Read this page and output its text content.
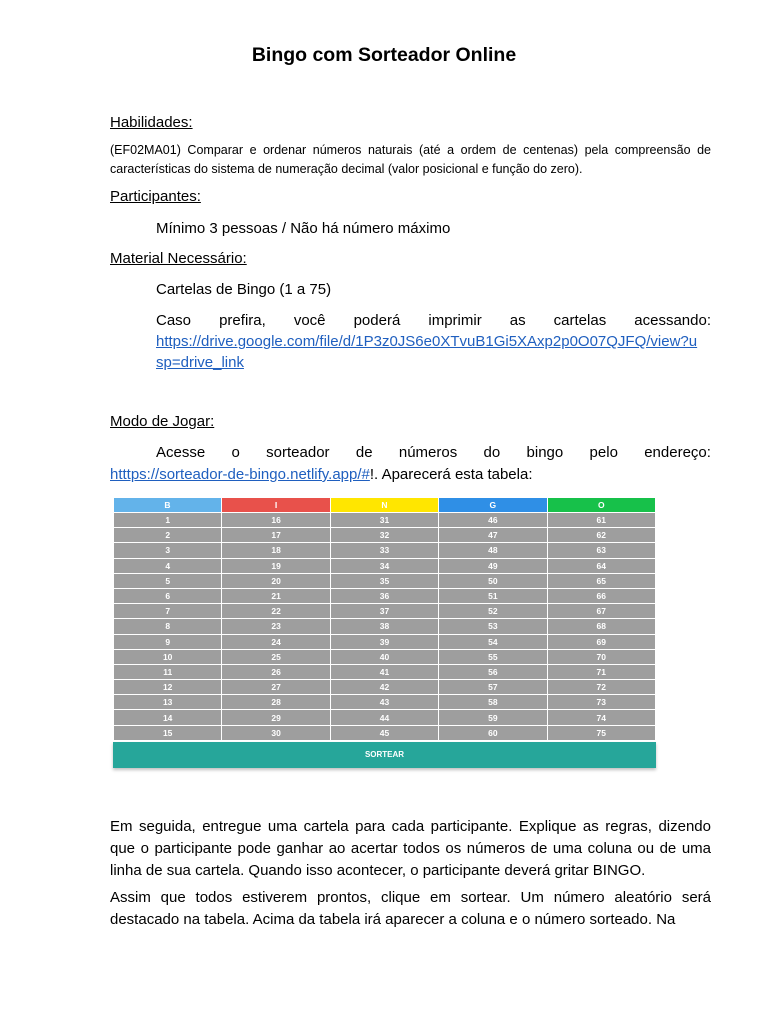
Bingo com Sorteador Online
Habilidades:
(EF02MA01) Comparar e ordenar números naturais (até a ordem de centenas) pela compreensão de características do sistema de numeração decimal (valor posicional e função do zero).
Participantes:
Mínimo 3 pessoas / Não há número máximo
Material Necessário:
Cartelas de Bingo (1 a 75)
Caso prefira, você poderá imprimir as cartelas acessando:
https://drive.google.com/file/d/1P3z0JS6e0XTvuB1Gi5XAxp2p0O07QJFQ/view?u
sp=drive_link
Modo de Jogar:
Acesse o sorteador de números do bingo pelo endereço:
htttps://sorteador-de-bingo.netlify.app/#!. Aparecerá esta tabela:
B	I	N	G	O
1	16	31	46	61
2	17	32	47	62
3	18	33	48	63
4	19	34	49	64
5	20	35	50	65
6	21	36	51	66
7	22	37	52	67
8	23	38	53	68
9	24	39	54	69
10	25	40	55	70
11	26	41	56	71
12	27	42	57	72
13	28	43	58	73
14	29	44	59	74
15	30	45	60	75
SORTEAR
Em seguida, entregue uma cartela para cada participante. Explique as regras, dizendo que o participante pode ganhar ao acertar todos os números de uma coluna ou de uma linha de sua cartela. Quando isso acontecer, o participante deverá gritar BINGO.
Assim que todos estiverem prontos, clique em sortear. Um número aleatório será destacado na tabela. Acima da tabela irá aparecer a coluna e o número sorteado. Na
